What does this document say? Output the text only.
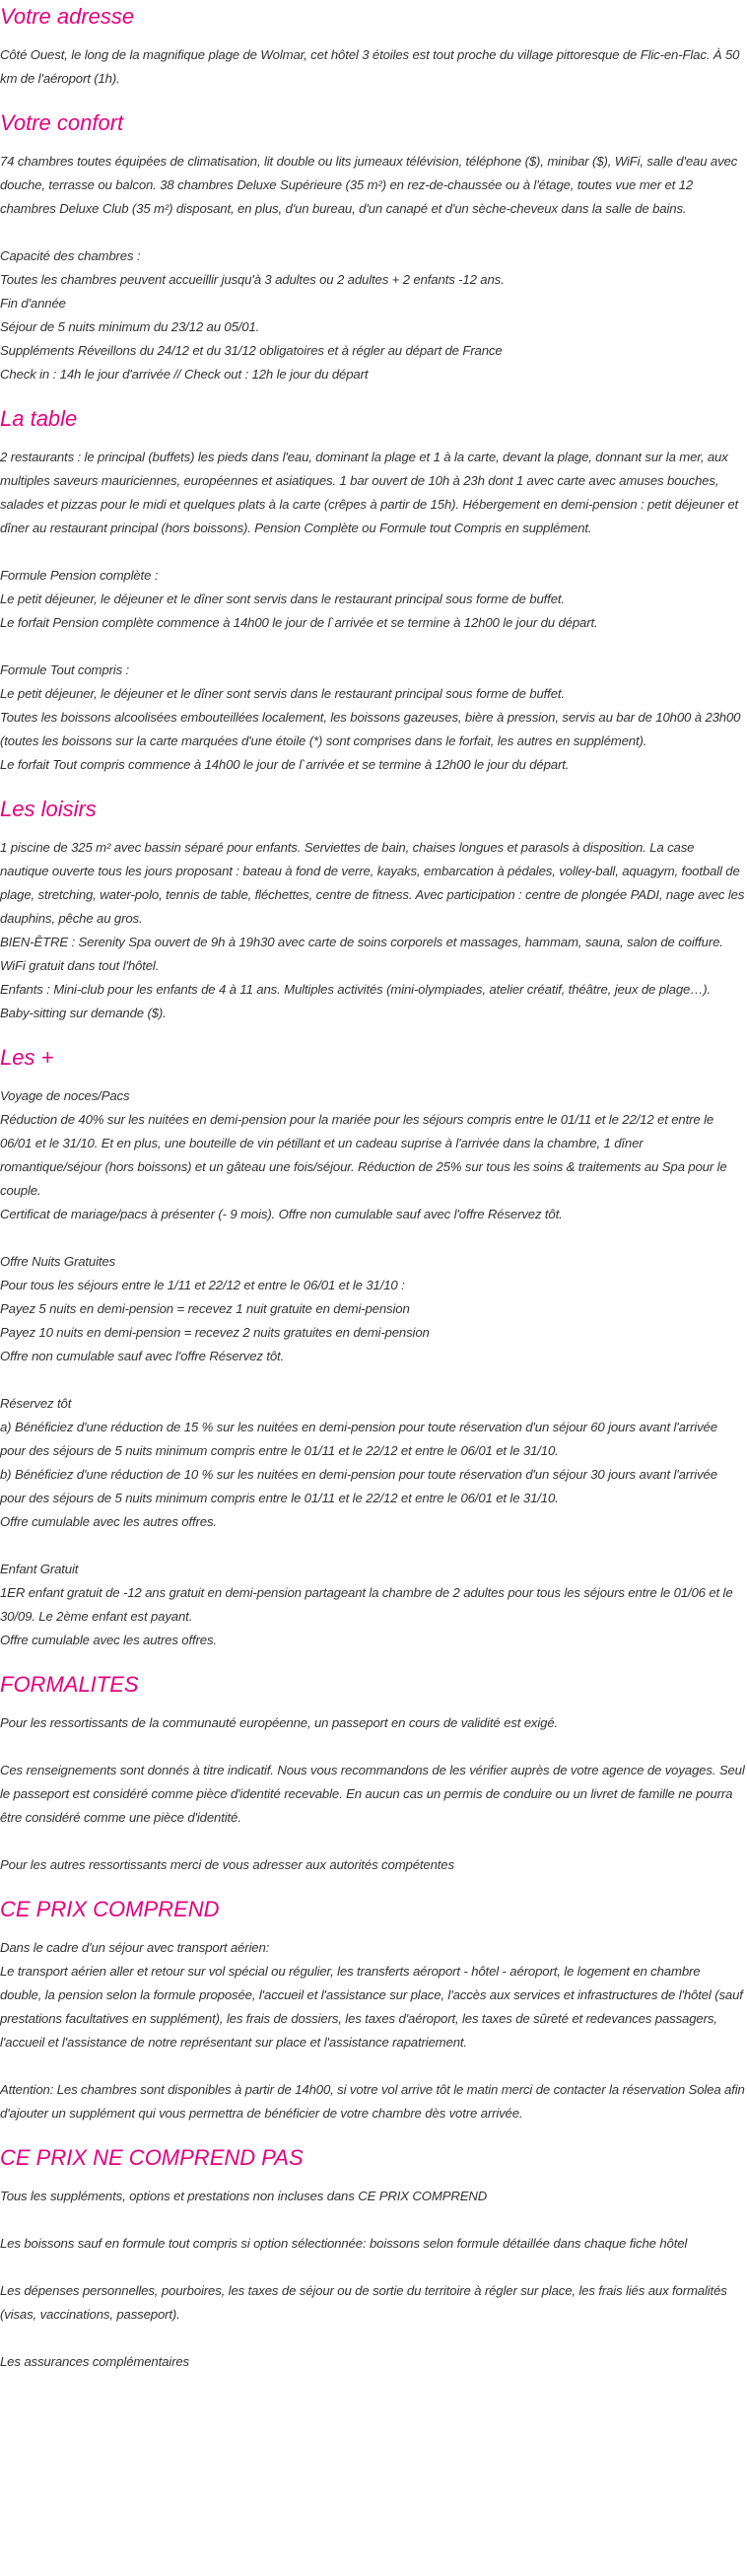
Votre adresse

Côté Ouest, le long de la magnifique plage de Wolmar, cet hôtel 3 étoiles est tout proche du village pittoresque de Flic-en-Flac. À 50 km de l'aéroport (1h).

Votre confort

74 chambres toutes équipées de climatisation, lit double ou lits jumeaux télévision, téléphone ($), minibar ($), WiFi, salle d'eau avec douche, terrasse ou balcon. 38 chambres Deluxe Supérieure (35 m²) en rez-de-chaussée ou à l'étage, toutes vue mer et 12 chambres Deluxe Club (35 m²) disposant, en plus, d'un bureau, d'un canapé et d'un sèche-cheveux dans la salle de bains.

Capacité des chambres :
Toutes les chambres peuvent accueillir jusqu'à 3 adultes ou 2 adultes + 2 enfants -12 ans.
Fin d'année
Séjour de 5 nuits minimum du 23/12 au 05/01.
Suppléments Réveillons du 24/12 et du 31/12 obligatoires et à régler au départ de France
Check in : 14h le jour d'arrivée // Check out : 12h le jour du départ

La table

2 restaurants : le principal (buffets) les pieds dans l'eau, dominant la plage et 1 à la carte, devant la plage, donnant sur la mer, aux multiples saveurs mauriciennes, européennes et asiatiques. 1 bar ouvert de 10h à 23h dont 1 avec carte avec amuses bouches, salades et pizzas pour le midi et quelques plats à la carte (crêpes à partir de 15h). Hébergement en demi-pension : petit déjeuner et dîner au restaurant principal (hors boissons). Pension Complète ou Formule tout Compris en supplément.

Formule Pension complète :
Le petit déjeuner, le déjeuner et le dîner sont servis dans le restaurant principal sous forme de buffet.
Le forfait Pension complète commence à 14h00 le jour de l`arrivée et se termine à 12h00 le jour du départ.

Formule Tout compris :
Le petit déjeuner, le déjeuner et le dîner sont servis dans le restaurant principal sous forme de buffet.
Toutes les boissons alcoolisées embouteillées localement, les boissons gazeuses, bière à pression, servis au bar de 10h00 à 23h00 (toutes les boissons sur la carte marquées d'une étoile (*) sont comprises dans le forfait, les autres en supplément).
Le forfait Tout compris commence à 14h00 le jour de l`arrivée et se termine à 12h00 le jour du départ.

Les loisirs

1 piscine de 325 m² avec bassin séparé pour enfants. Serviettes de bain, chaises longues et parasols à disposition. La case nautique ouverte tous les jours proposant : bateau à fond de verre, kayaks, embarcation à pédales, volley-ball, aquagym, football de plage, stretching, water-polo, tennis de table, fléchettes, centre de fitness. Avec participation : centre de plongée PADI, nage avec les dauphins, pêche au gros.
BIEN-ÊTRE : Serenity Spa ouvert de 9h à 19h30 avec carte de soins corporels et massages, hammam, sauna, salon de coiffure. WiFi gratuit dans tout l'hôtel.
Enfants : Mini-club pour les enfants de 4 à 11 ans. Multiples activités (mini-olympiades, atelier créatif, théâtre, jeux de plage…). Baby-sitting sur demande ($).

Les +

Voyage de noces/Pacs
Réduction de 40% sur les nuitées en demi-pension pour la mariée pour les séjours compris entre le 01/11 et le 22/12 et entre le 06/01 et le 31/10. Et en plus, une bouteille de vin pétillant et un cadeau suprise à l'arrivée dans la chambre, 1 dîner romantique/séjour (hors boissons) et un gâteau une fois/séjour. Réduction de 25% sur tous les soins & traitements au Spa pour le couple.
Certificat de mariage/pacs à présenter (- 9 mois). Offre non cumulable sauf avec l'offre Réservez tôt.

Offre Nuits Gratuites
Pour tous les séjours entre le 1/11 et 22/12 et entre le 06/01 et le 31/10 :
Payez 5 nuits en demi-pension = recevez 1 nuit gratuite en demi-pension
Payez 10 nuits en demi-pension = recevez 2 nuits gratuites en demi-pension
Offre non cumulable sauf avec l'offre Réservez tôt.

Réservez tôt
a) Bénéficiez d'une réduction de 15 % sur les nuitées en demi-pension pour toute réservation d'un séjour 60 jours avant l'arrivée pour des séjours de 5 nuits minimum compris entre le 01/11 et le 22/12 et entre le 06/01 et le 31/10.
b) Bénéficiez d'une réduction de 10 % sur les nuitées en demi-pension pour toute réservation d'un séjour 30 jours avant l'arrivée pour des séjours de 5 nuits minimum compris entre le 01/11 et le 22/12 et entre le 06/01 et le 31/10.
Offre cumulable avec les autres offres.

Enfant Gratuit
1ER enfant gratuit de -12 ans gratuit en demi-pension partageant la chambre de 2 adultes pour tous les séjours entre le 01/06 et le 30/09. Le 2ème enfant est payant.
Offre cumulable avec les autres offres.

FORMALITES

Pour les ressortissants de la communauté européenne, un passeport en cours de validité est exigé.

Ces renseignements sont donnés à titre indicatif. Nous vous recommandons de les vérifier auprès de votre agence de voyages. Seul le passeport est considéré comme pièce d'identité recevable. En aucun cas un permis de conduire ou un livret de famille ne pourra être considéré comme une pièce d'identité.

Pour les autres ressortissants merci de vous adresser aux autorités compétentes

CE PRIX COMPREND

Dans le cadre d'un séjour avec transport aérien:
Le transport aérien aller et retour sur vol spécial ou régulier, les transferts aéroport - hôtel - aéroport, le logement en chambre double, la pension selon la formule proposée, l'accueil et l'assistance sur place, l'accès aux services et infrastructures de l'hôtel (sauf prestations facultatives en supplément), les frais de dossiers, les taxes d'aéroport, les taxes de sûreté et redevances passagers, l'accueil et l'assistance de notre représentant sur place et l'assistance rapatriement.

Attention: Les chambres sont disponibles à partir de 14h00, si votre vol arrive tôt le matin merci de contacter la réservation Solea afin d'ajouter un supplément qui vous permettra de bénéficier de votre chambre dès votre arrivée.

CE PRIX NE COMPREND PAS

Tous les suppléments, options et prestations non incluses dans CE PRIX COMPREND

Les boissons sauf en formule tout compris si option sélectionnée: boissons selon formule détaillée dans chaque fiche hôtel

Les dépenses personnelles, pourboires, les taxes de séjour ou de sortie du territoire à régler sur place, les frais liés aux formalités (visas, vaccinations, passeport).

Les assurances complémentaires
